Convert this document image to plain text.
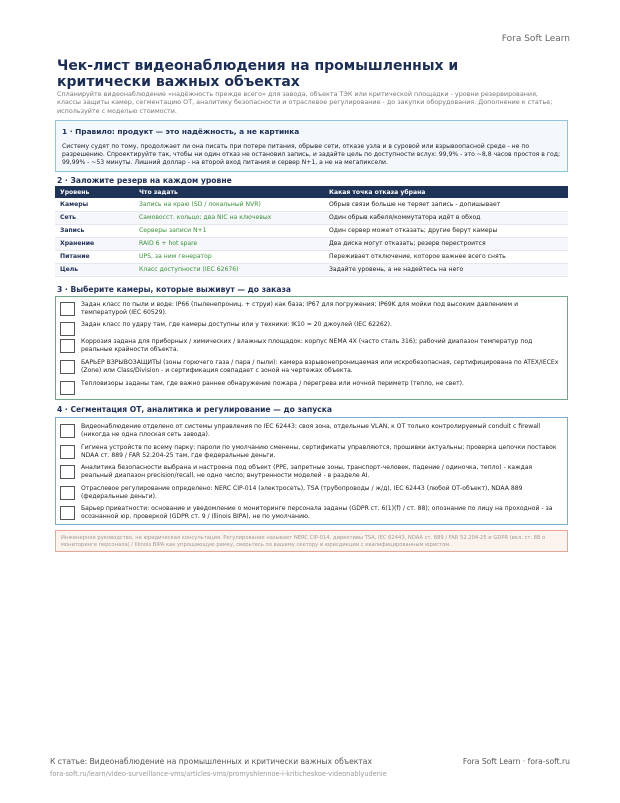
Fora Soft Learn
Чек-лист видеонаблюдения на промышленных и критически важных объектах

Спланируйте видеонаблюдение «надёжность прежде всего» для завода, объекта ТЭК или критической площадки - уровни резервирования, классы защиты камер, сегментацию ОТ, аналитику безопасности и отраслевое регулирование - до закупки оборудования. Дополнение к статье; используйте с моделью стоимости.

1 · Правило: продукт — это надёжность, а не картинка
Систему судят по тому, продолжает ли она писать при потере питания, обрыве сети, отказе узла и в суровой или взрывоопасной среде - не по разрешению. Спроектируйте так, чтобы ни один отказ не остановил запись, и задайте цель по доступности вслух: 99,9% - это ~8,8 часов простоя в год; 99,99% - ~53 минуты. Лишний доллар - на второй вход питания и сервер N+1, а не на мегапиксели.
2 · Заложите резерв на каждом уровне
Уровень	Что задать	Какая точка отказа убрана
Камеры	Запись на краю (SD / локальный NVR)	Обрыв связи больше не теряет запись - допишывает
Сеть	Самовосст. кольцо; два NIC на ключевых	Один обрыв кабеля/коммутатора идёт в обход
Запись	Серверы записи N+1	Один сервер может отказать; другие берут камеры
Хранение	RAID 6 + hot spare	Два диска могут отказать; резерв перестроится
Питание	UPS, за ним генератор	Переживает отключение, которое важнее всего снять
Цель	Класс доступности (IEC 62676)	Задайте уровень, а не надейтесь на него
3 · Выберите камеры, которые выживут — до заказа
Задан класс по пыли и воде: IP66 (пыленепрониц. + струи) как база; IP67 для погружения; IP69K для мойки под высоким давлением и температурой (IEC 60529).
Задан класс по удару там, где камеры доступны или у техники: IK10 = 20 джоулей (IEC 62262).
Коррозия задана для приборных / химических / влажных площадок: корпус NEMA 4X (часто сталь 316); рабочий диапазон температур под реальные крайности объекта.
БАРЬЕР ВЗРЫВОЗАЩИТЫ (зоны горючего газа / пара / пыли): камера взрывонепроницаемая или искробезопасная, сертифицирована по ATEX/IECEx (Zone) или Class/Division - и сертификация совпадает с зоной на чертежах объекта.
Тепловизоры заданы там, где важно раннее обнаружение пожара / перегрева или ночной периметр (тепло, не свет).
4 · Сегментация ОТ, аналитика и регулирование — до запуска
Видеонаблюдение отделено от системы управления по IEC 62443: своя зона, отдельные VLAN, к ОТ только контролируемый conduit с firewall (никогда не одна плоская сеть завода).
Гигиена устройств по всему парку: пароли по умолчанию сменены, сертификаты управляются, прошивки актуальны; проверка цепочки поставок NDAA ст. 889 / FAR 52.204-25 там, где федеральные деньги.
Аналитика безопасности выбрана и настроена под объект (PPE, запретные зоны, транспорт-человек, падение / одиночка, тепло) - каждая реальный диапазон precision/recall, не одно число; внутренности моделей - в разделе AI.
Отраслевое регулирование определено: NERC CIP-014 (электросеть), TSA (трубопроводы / ж/д), IEC 62443 (любой ОТ-объект), NDAA 889 (федеральные деньги).
Барьер приватности: основание и уведомление о мониторинге персонала заданы (GDPR ст. 6(1)(f) / ст. 88); опознание по лицу на проходной - за осознанной юр. проверкой (GDPR ст. 9 / Illinois BIPA), не по умолчанию.
Инженерное руководство, не юридическая консультация. Регулирование называет NERC CIP-014, директивы TSA, IEC 62443, NDAA ст. 889 / FAR 52.204-25 и GDPR (вкл. ст. 88 о мониторинге персонала) / Illinois BIPA как упрощающую рамку, сверьтесь по вашему сектору и юрисдикции с квалифицированным юристом.
К статье: Видеонаблюдение на промышленных и критически важных объектах
fora-soft.ru/learn/video-surveillance-vms/articles-vms/promyshlennoe-i-kriticheskoe-videonablyudenie
Fora Soft Learn · fora-soft.ru
